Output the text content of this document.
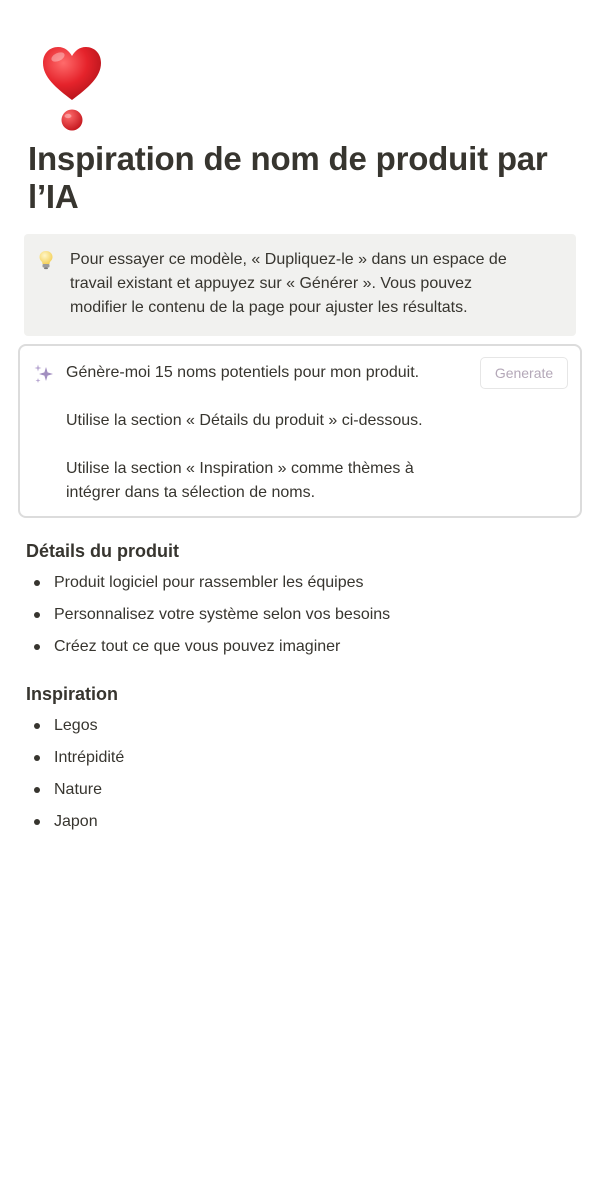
Inspiration de nom de produit par
l’IA
Pour essayer ce modèle, « Dupliquez-le » dans un espace de
travail existant et appuyez sur « Générer ». Vous pouvez
modifier le contenu de la page pour ajuster les résultats.
Génère-moi 15 noms potentiels pour mon produit.
Utilise la section « Détails du produit » ci-dessous.
Utilise la section « Inspiration » comme thèmes à
intégrer dans ta sélection de noms.
Generate
Détails du produit
Produit logiciel pour rassembler les équipes
Personnalisez votre système selon vos besoins
Créez tout ce que vous pouvez imaginer
Inspiration
Legos
Intrépidité
Nature
Japon
